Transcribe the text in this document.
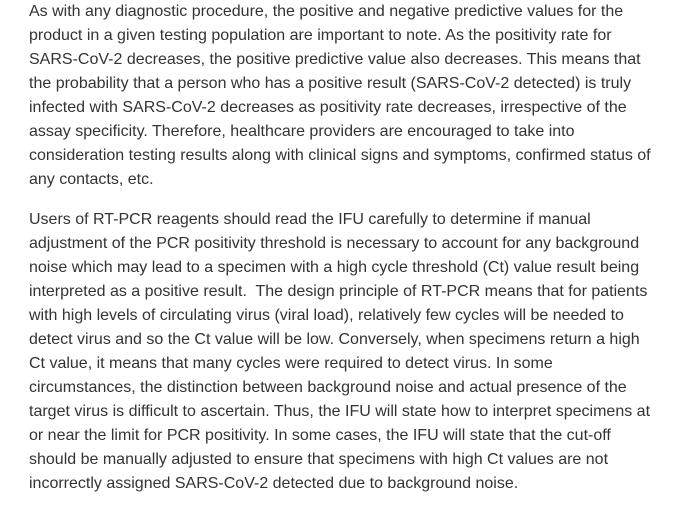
As with any diagnostic procedure, the positive and negative predictive values for the
product in a given testing population are important to note. As the positivity rate for
SARS-CoV-2 decreases, the positive predictive value also decreases. This means that
the probability that a person who has a positive result (SARS-CoV-2 detected) is truly
infected with SARS-CoV-2 decreases as positivity rate decreases, irrespective of the
assay specificity. Therefore, healthcare providers are encouraged to take into
consideration testing results along with clinical signs and symptoms, confirmed status of
any contacts, etc.

Users of RT-PCR reagents should read the IFU carefully to determine if manual
adjustment of the PCR positivity threshold is necessary to account for any background
noise which may lead to a specimen with a high cycle threshold (Ct) value result being
interpreted as a positive result.  The design principle of RT-PCR means that for patients
with high levels of circulating virus (viral load), relatively few cycles will be needed to
detect virus and so the Ct value will be low. Conversely, when specimens return a high
Ct value, it means that many cycles were required to detect virus. In some
circumstances, the distinction between background noise and actual presence of the
target virus is difficult to ascertain. Thus, the IFU will state how to interpret specimens at
or near the limit for PCR positivity. In some cases, the IFU will state that the cut-off
should be manually adjusted to ensure that specimens with high Ct values are not
incorrectly assigned SARS-CoV-2 detected due to background noise.
